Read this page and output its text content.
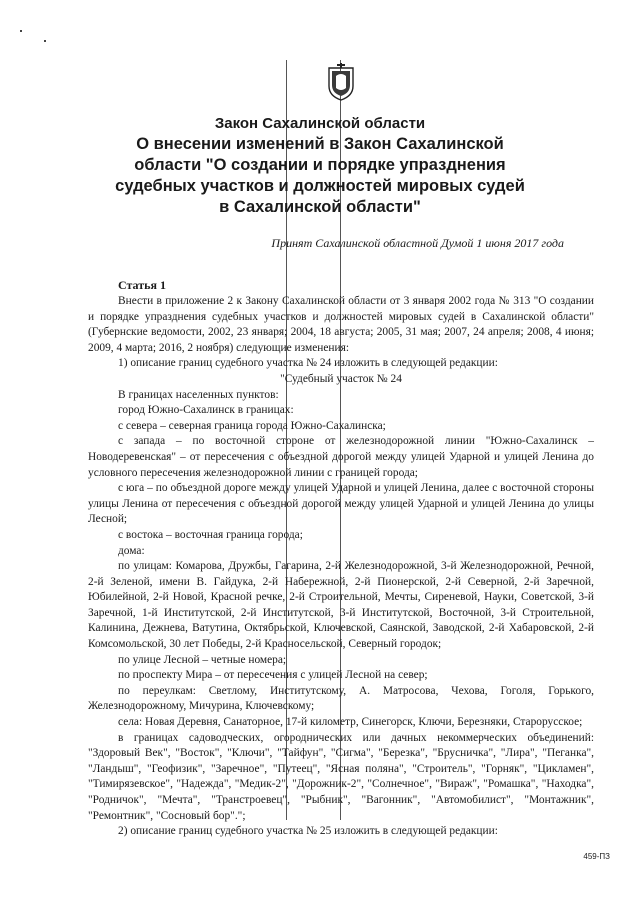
Закон Сахалинской области
О внесении изменений в Закон Сахалинской
области "О создании и порядке упразднения
судебных участков и должностей мировых судей
в Сахалинской области"
Принят Сахалинской областной Думой 1 июня 2017 года
Статья 1

Внести в приложение 2 к Закону Сахалинской области от 3 января 2002 года № 313 "О создании и порядке упразднения судебных участков и должностей мировых судей в Сахалинской области" (Губернские ведомости, 2002, 23 января; 2004, 18 августа; 2005, 31 мая; 2007, 24 апреля; 2008, 4 июня; 2009, 4 марта; 2016, 2 ноября) следующие изменения:

1) описание границ судебного участка № 24 изложить в следующей редакции:

"Судебный участок № 24

В границах населенных пунктов:

город Южно-Сахалинск в границах:

с севера – северная граница города Южно-Сахалинска;

с запада – по восточной стороне от железнодорожной линии "Южно-Сахалинск – Новодеревенская" – от пересечения с объездной дорогой между улицей Ударной и улицей Ленина до условного пересечения железнодорожной линии с границей города;

с юга – по объездной дороге между улицей Ударной и улицей Ленина, далее с восточной стороны улицы Ленина от пересечения с объездной дорогой между улицей Ударной и улицей Ленина до улицы Лесной;

с востока – восточная граница города;

дома:

по улицам: Комарова, Дружбы, Гагарина, 2-й Железнодорожной, 3-й Железнодорожной, Речной, 2-й Зеленой, имени В. Гайдука, 2-й Набережной, 2-й Пионерской, 2-й Северной, 2-й Заречной, Юбилейной, 2-й Новой, Красной речке, 2-й Строительной, Мечты, Сиреневой, Науки, Советской, 3-й Заречной, 1-й Институтской, 2-й Институтской, 3-й Институтской, Восточной, 3-й Строительной, Калинина, Дежнева, Ватутина, Октябрьской, Ключевской, Саянской, Заводской, 2-й Хабаровской, 2-й Комсомольской, 30 лет Победы, 2-й Красносельской, Северный городок;

по улице Лесной – четные номера;

по проспекту Мира – от пересечения с улицей Лесной на север;

по переулкам: Светлому, Институтскому, А. Матросова, Чехова, Гоголя, Горького, Железнодорожному, Мичурина, Ключевскому;

села: Новая Деревня, Санаторное, 17-й километр, Синегорск, Ключи, Березняки, Старорусское;

в границах садоводческих, огороднических или дачных некоммерческих объединений: "Здоровый Век", "Восток", "Ключи", "Тайфун", "Сигма", "Березка", "Брусничка", "Лира", "Пеганка", "Ландыш", "Геофизик", "Заречное", "Путеец", "Ясная поляна", "Строитель", "Горняк", "Цикламен", "Тимирязевское", "Надежда", "Медик-2", "Дорожник-2", "Солнечное", "Вираж", "Ромашка", "Находка", "Родничок", "Мечта", "Транстроевец", "Рыбник", "Вагонник", "Автомобилист", "Монтажник", "Ремонтник", "Сосновый бор".";

2) описание границ судебного участка № 25 изложить в следующей редакции:

459-ПЗ
